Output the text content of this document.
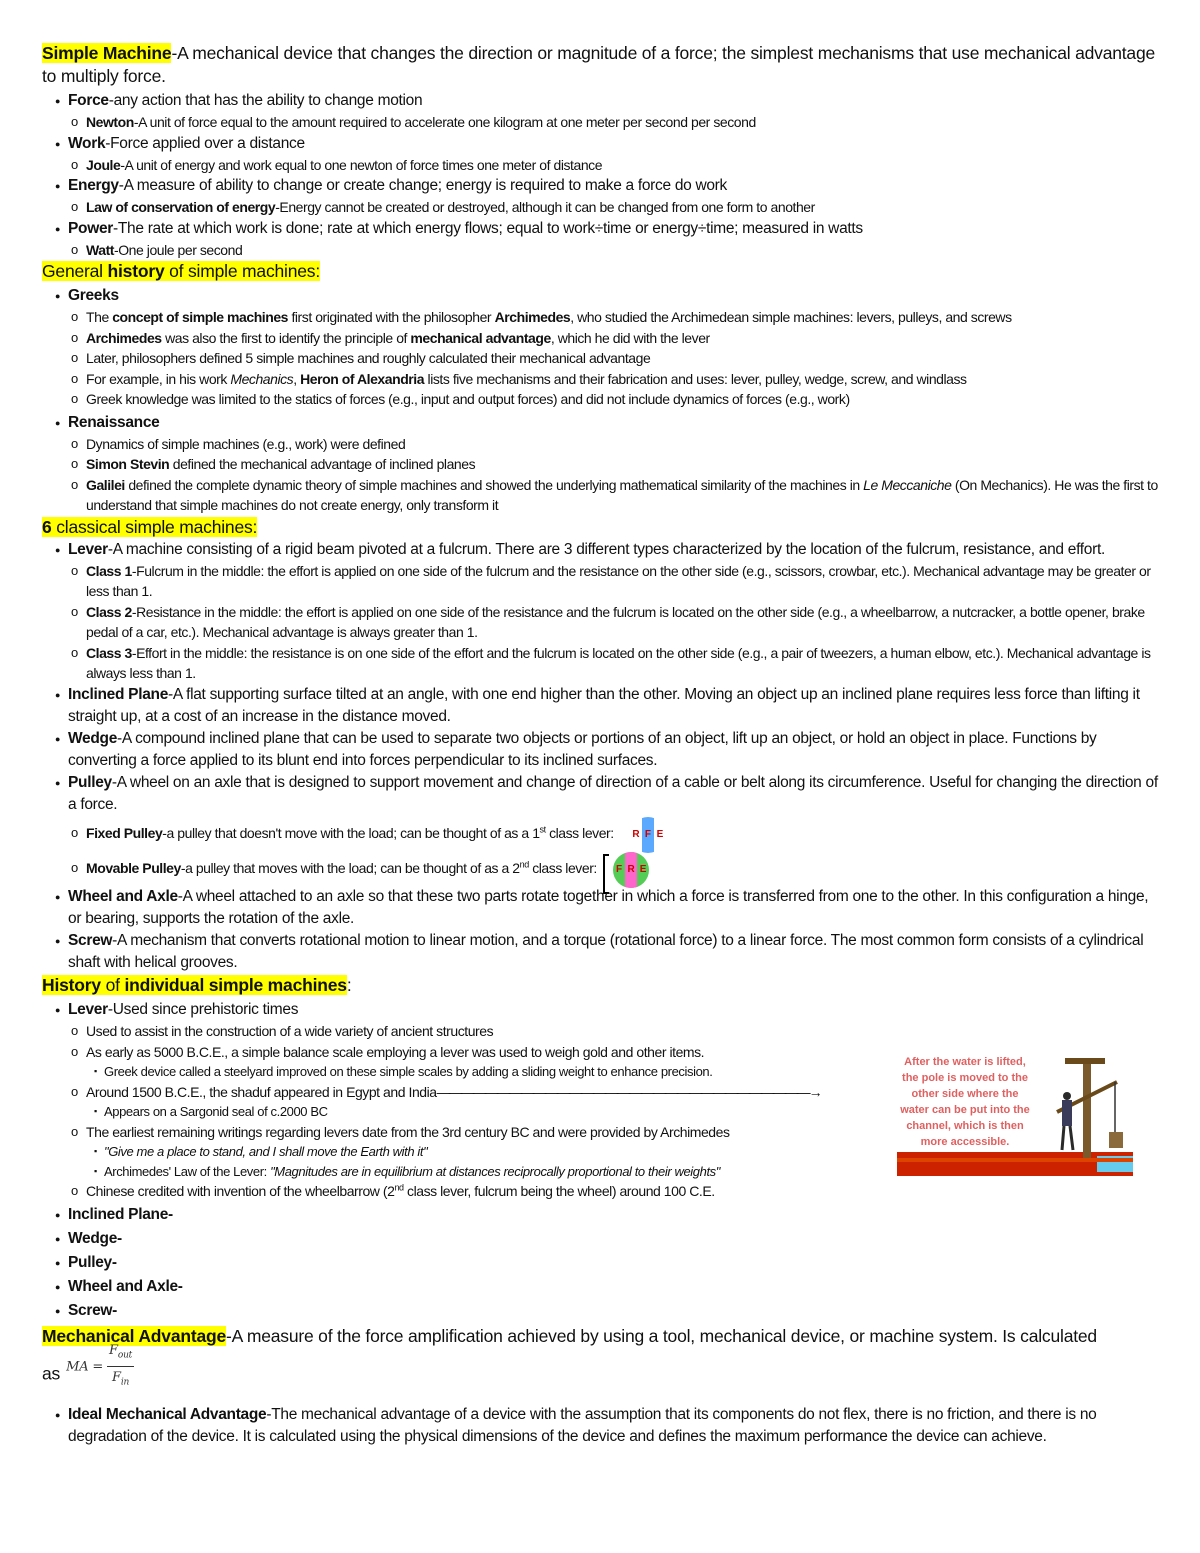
Simple Machine-A mechanical device that changes the direction or magnitude of a force; the simplest mechanisms that use mechanical advantage to multiply force.
● Force-any action that has the ability to change motion
o Newton-A unit of force equal to the amount required to accelerate one kilogram at one meter per second per second
● Work-Force applied over a distance
o Joule-A unit of energy and work equal to one newton of force times one meter of distance
● Energy-A measure of ability to change or create change; energy is required to make a force do work
o Law of conservation of energy-Energy cannot be created or destroyed, although it can be changed from one form to another
● Power-The rate at which work is done; rate at which energy flows; equal to work÷time or energy÷time; measured in watts
o Watt-One joule per second
General history of simple machines:
● Greeks
o The concept of simple machines first originated with the philosopher Archimedes, who studied the Archimedean simple machines: levers, pulleys, and screws
o Archimedes was also the first to identify the principle of mechanical advantage, which he did with the lever
o Later, philosophers defined 5 simple machines and roughly calculated their mechanical advantage
o For example, in his work Mechanics, Heron of Alexandria lists five mechanisms and their fabrication and uses: lever, pulley, wedge, screw, and windlass
o Greek knowledge was limited to the statics of forces (e.g., input and output forces) and did not include dynamics of forces (e.g., work)
● Renaissance
o Dynamics of simple machines (e.g., work) were defined
o Simon Stevin defined the mechanical advantage of inclined planes
o Galilei defined the complete dynamic theory of simple machines and showed the underlying mathematical similarity of the machines in Le Meccaniche (On Mechanics). He was the first to understand that simple machines do not create energy, only transform it
6 classical simple machines:
● Lever-A machine consisting of a rigid beam pivoted at a fulcrum. There are 3 different types characterized by the location of the fulcrum, resistance, and effort.
o Class 1-Fulcrum in the middle: the effort is applied on one side of the fulcrum and the resistance on the other side (e.g., scissors, crowbar, etc.). Mechanical advantage may be greater or less than 1.
o Class 2-Resistance in the middle: the effort is applied on one side of the resistance and the fulcrum is located on the other side (e.g., a wheelbarrow, a nutcracker, a bottle opener, brake pedal of a car, etc.). Mechanical advantage is always greater than 1.
o Class 3-Effort in the middle: the resistance is on one side of the effort and the fulcrum is located on the other side (e.g., a pair of tweezers, a human elbow, etc.). Mechanical advantage is always less than 1.
● Inclined Plane-A flat supporting surface tilted at an angle, with one end higher than the other. Moving an object up an inclined plane requires less force than lifting it straight up, at a cost of an increase in the distance moved.
● Wedge-A compound inclined plane that can be used to separate two objects or portions of an object, lift up an object, or hold an object in place. Functions by converting a force applied to its blunt end into forces perpendicular to its inclined surfaces.
● Pulley-A wheel on an axle that is designed to support movement and change of direction of a cable or belt along its circumference. Useful for changing the direction of a force.
o Fixed Pulley-a pulley that doesn't move with the load; can be thought of as a 1st class lever: R F E
o Movable Pulley-a pulley that moves with the load; can be thought of as a 2nd class lever:	F R E
● Wheel and Axle-A wheel attached to an axle so that these two parts rotate together in which a force is transferred from one to the other. In this configuration a hinge, or bearing, supports the rotation of the axle.
● Screw-A mechanism that converts rotational motion to linear motion, and a torque (rotational force) to a linear force. The most common form consists of a cylindrical shaft with helical grooves.
History of individual simple machines:
● Lever-Used since prehistoric times
o Used to assist in the construction of a wide variety of ancient structures
o As early as 5000 B.C.E., a simple balance scale employing a lever was used to weigh gold and other items.
▪ Greek device called a steelyard improved on these simple scales by adding a sliding weight to enhance precision.
o Around 1500 B.C.E., the shaduf appeared in Egypt and India———————————————————————————————→
▪ Appears on a Sargonid seal of c.2000 BC
o The earliest remaining writings regarding levers date from the 3rd century BC and were provided by Archimedes
▪ "Give me a place to stand, and I shall move the Earth with it"
▪ Archimedes' Law of the Lever: "Magnitudes are in equilibrium at distances reciprocally proportional to their weights"
o Chinese credited with invention of the wheelbarrow (2nd class lever, fulcrum being the wheel) around 100 C.E.
● Inclined Plane-
● Wedge-
● Pulley-
● Wheel and Axle-
● Screw-
Mechanical Advantage-A measure of the force amplification achieved by using a tool, mechanical device, or machine system. Is calculated
as MA = $\frac{F_{out}}{F_{in}}$
● Ideal Mechanical Advantage-The mechanical advantage of a device with the assumption that its components do not flex, there is no friction, and there is no degradation of the device. It is calculated using the physical dimensions of the device and defines the maximum performance the device can achieve.
After the water is lifted, the pole is moved to the other side where the water can be put into the channel, which is then more accessible.
